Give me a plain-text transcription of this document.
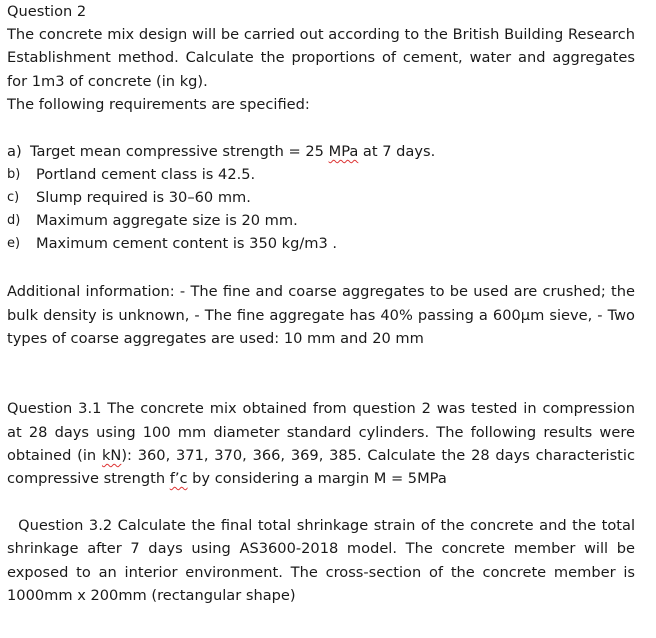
Question 2
The concrete mix design will be carried out according to the British Building Research
Establishment method. Calculate the proportions of cement, water and aggregates
for 1m3 of concrete (in kg).
The following requirements are specified:
a) Target mean compressive strength = 25 MPa at 7 days.
b)	Portland cement class is 42.5.
c)	Slump required is 30–60 mm.
d)	Maximum aggregate size is 20 mm.
e)	Maximum cement content is 350 kg/m3 .
Additional information: - The fine and coarse aggregates to be used are crushed; the
bulk density is unknown, - The fine aggregate has 40% passing a 600μm sieve, - Two
types of coarse aggregates are used: 10 mm and 20 mm
Question 3.1 The concrete mix obtained from question 2 was tested in compression
at 28 days using 100 mm diameter standard cylinders. The following results were
obtained (in kN): 360, 371, 370, 366, 369, 385. Calculate the 28 days characteristic
compressive strength f’c by considering a margin M = 5MPa
Question 3.2 Calculate the final total shrinkage strain of the concrete and the total
shrinkage after 7 days using AS3600-2018 model. The concrete member will be
exposed to an interior environment. The cross-section of the concrete member is
1000mm x 200mm (rectangular shape)
